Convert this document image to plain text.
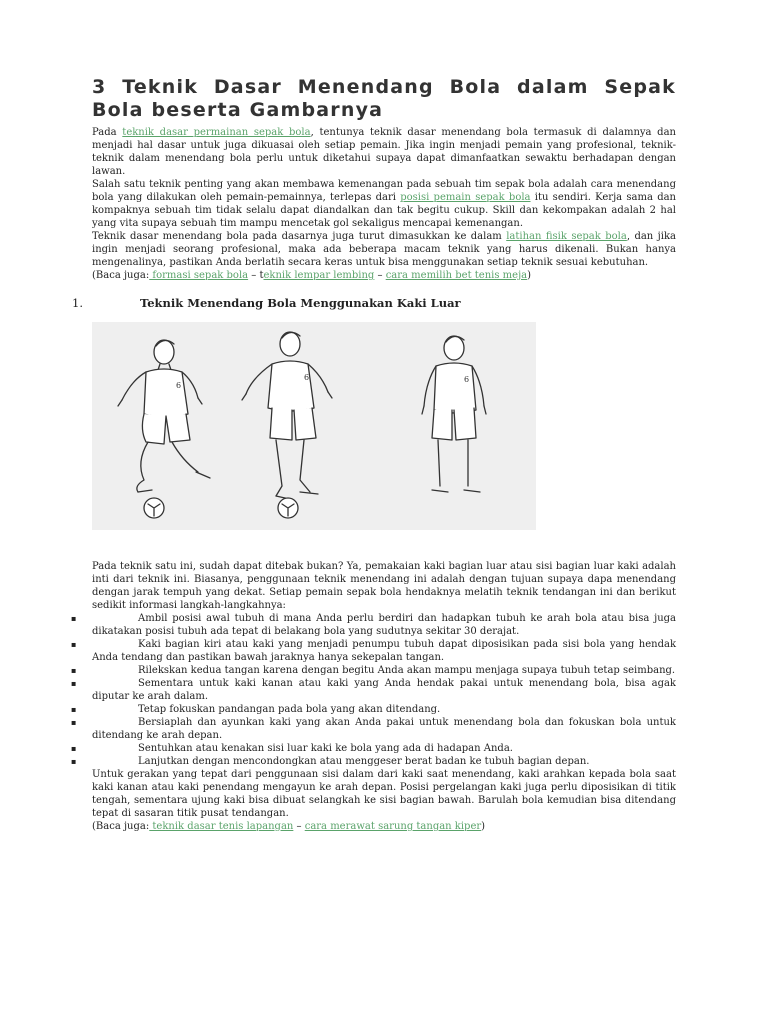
3 Teknik Dasar Menendang Bola dalam Sepak Bola beserta Gambarnya

Pada teknik dasar permainan sepak bola, tentunya teknik dasar menendang bola termasuk di dalamnya dan menjadi hal dasar untuk juga dikuasai oleh setiap pemain. Jika ingin menjadi pemain yang profesional, teknik-teknik dalam menendang bola perlu untuk diketahui supaya dapat dimanfaatkan sewaktu berhadapan dengan lawan.

Salah satu teknik penting yang akan membawa kemenangan pada sebuah tim sepak bola adalah cara menendang bola yang dilakukan oleh pemain-pemainnya, terlepas dari posisi pemain sepak bola itu sendiri. Kerja sama dan kompaknya sebuah tim tidak selalu dapat diandalkan dan tak begitu cukup. Skill dan kekompakan adalah 2 hal yang vita supaya sebuah tim mampu mencetak gol sekaligus mencapai kemenangan.

Teknik dasar menendang bola pada dasarnya juga turut dimasukkan ke dalam latihan fisik sepak bola, dan jika ingin menjadi seorang profesional, maka ada beberapa macam teknik yang harus dikenali. Bukan hanya mengenalinya, pastikan Anda berlatih secara keras untuk bisa menggunakan setiap teknik sesuai kebutuhan.

(Baca juga: formasi sepak bola – teknik lempar lembing – cara memilih bet tenis meja)

1.	Teknik Menendang Bola Menggunakan Kaki Luar
6
6	6

Pada teknik satu ini, sudah dapat ditebak bukan? Ya, pemakaian kaki bagian luar atau sisi bagian luar kaki adalah inti dari teknik ini. Biasanya, penggunaan teknik menendang ini adalah dengan tujuan supaya dapa menendang dengan jarak tempuh yang dekat. Setiap pemain sepak bola hendaknya melatih teknik tendangan ini dan berikut sedikit informasi langkah-langkahnya:

▪	Ambil posisi awal tubuh di mana Anda perlu berdiri dan hadapkan tubuh ke arah bola atau bisa juga dikatakan posisi tubuh ada tepat di belakang bola yang sudutnya sekitar 30 derajat.
▪	Kaki bagian kiri atau kaki yang menjadi penumpu tubuh dapat diposisikan pada sisi bola yang hendak Anda tendang dan pastikan bawah jaraknya hanya sekepalan tangan.
▪	Rilekskan kedua tangan karena dengan begitu Anda akan mampu menjaga supaya tubuh tetap seimbang.
▪	Sementara untuk kaki kanan atau kaki yang Anda hendak pakai untuk menendang bola, bisa agak diputar ke arah dalam.
▪	Tetap fokuskan pandangan pada bola yang akan ditendang.
▪	Bersiaplah dan ayunkan kaki yang akan Anda pakai untuk menendang bola dan fokuskan bola untuk ditendang ke arah depan.
▪	Sentuhkan atau kenakan sisi luar kaki ke bola yang ada di hadapan Anda.
▪	Lanjutkan dengan mencondongkan atau menggeser berat badan ke tubuh bagian depan.

Untuk gerakan yang tepat dari penggunaan sisi dalam dari kaki saat menendang, kaki arahkan kepada bola saat kaki kanan atau kaki penendang mengayun ke arah depan. Posisi pergelangan kaki juga perlu diposisikan di titik tengah, sementara ujung kaki bisa dibuat selangkah ke sisi bagian bawah. Barulah bola kemudian bisa ditendang tepat di sasaran titik pusat tendangan.

(Baca juga: teknik dasar tenis lapangan – cara merawat sarung tangan kiper)
